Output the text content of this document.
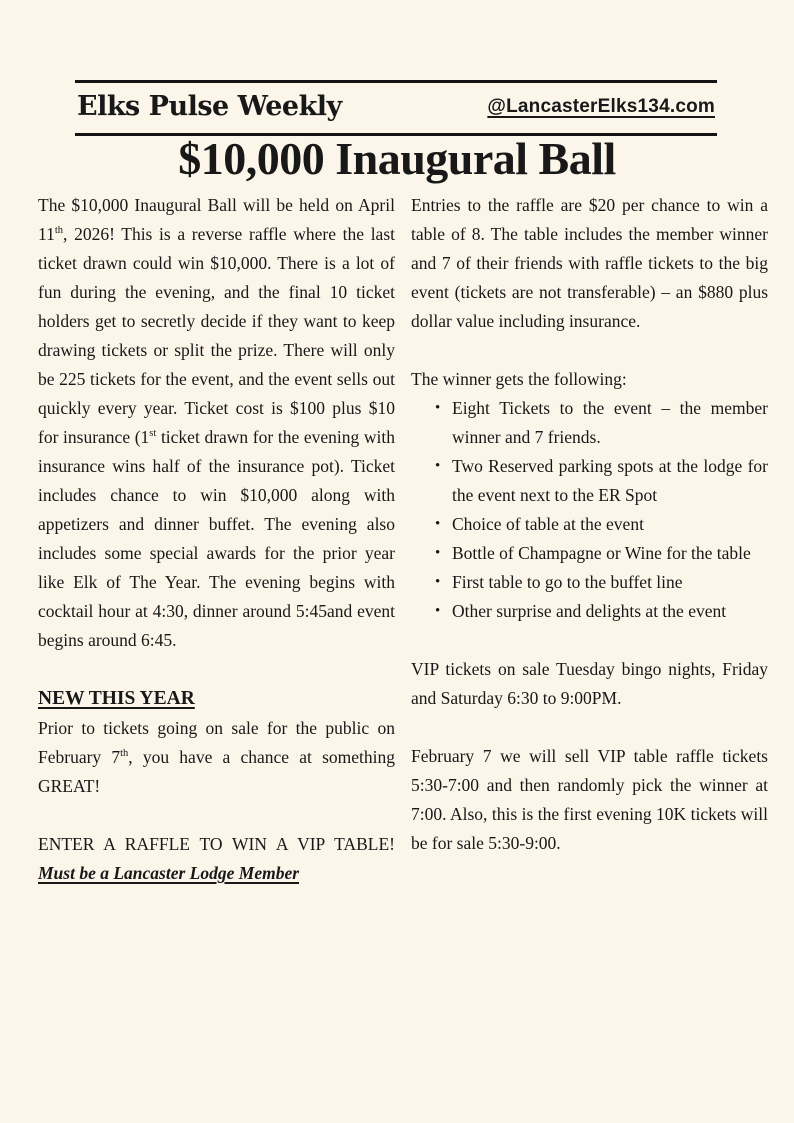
Elks Pulse Weekly	@LancasterElks134.com
$10,000 Inaugural Ball

The $10,000 Inaugural Ball will be held on April 11th, 2026! This is a reverse raffle where the last ticket drawn could win $10,000. There is a lot of fun during the evening, and the final 10 ticket holders get to secretly decide if they want to keep drawing tickets or split the prize. There will only be 225 tickets for the event, and the event sells out quickly every year. Ticket cost is $100 plus $10 for insurance (1st ticket drawn for the evening with insurance wins half of the insurance pot). Ticket includes chance to win $10,000 along with appetizers and dinner buffet. The evening also includes some special awards for the prior year like Elk of The Year. The evening begins with cocktail hour at 4:30, dinner around 5:45and event begins around 6:45.

NEW THIS YEAR

Prior to tickets going on sale for the public on February 7th, you have a chance at something GREAT!

ENTER A RAFFLE TO WIN A VIP TABLE! Must be a Lancaster Lodge Member

Entries to the raffle are $20 per chance to win a table of 8. The table includes the member winner and 7 of their friends with raffle tickets to the big event (tickets are not transferable) – an $880 plus dollar value including insurance.

The winner gets the following:

• Eight Tickets to the event – the member winner and 7 friends.
• Two Reserved parking spots at the lodge for the event next to the ER Spot
• Choice of table at the event
• Bottle of Champagne or Wine for the table
• First table to go to the buffet line
• Other surprise and delights at the event

VIP tickets on sale Tuesday bingo nights, Friday and Saturday 6:30 to 9:00PM.

February 7 we will sell VIP table raffle tickets 5:30-7:00 and then randomly pick the winner at 7:00. Also, this is the first evening 10K tickets will be for sale 5:30-9:00.
